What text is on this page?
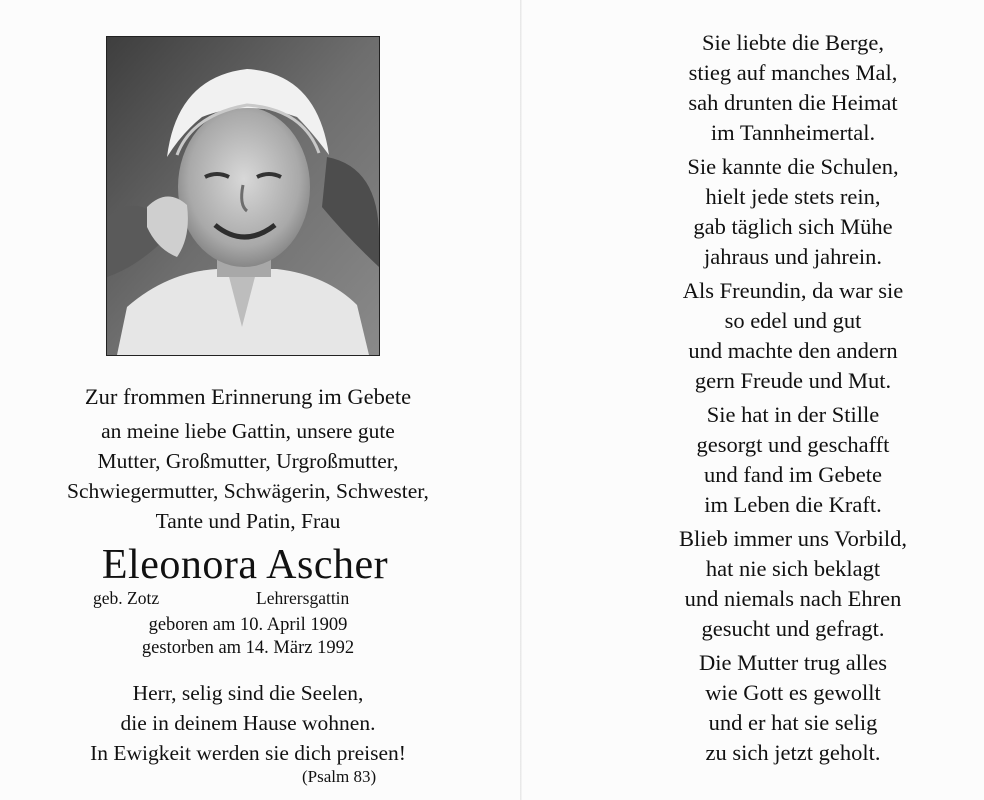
Zur frommen Erinnerung im Gebete
an meine liebe Gattin, unsere gute
Mutter, Großmutter, Urgroßmutter,
Schwiegermutter, Schwägerin, Schwester,
Tante und Patin, Frau
Eleonora Ascher
geb. Zotz	Lehrersgattin
geboren am 10. April 1909
gestorben am 14. März 1992
Herr, selig sind die Seelen,
die in deinem Hause wohnen.
In Ewigkeit werden sie dich preisen!
(Psalm 83)
Sie liebte die Berge,
stieg auf manches Mal,
sah drunten die Heimat
im Tannheimertal.
Sie kannte die Schulen,
hielt jede stets rein,
gab täglich sich Mühe
jahraus und jahrein.
Als Freundin, da war sie
so edel und gut
und machte den andern
gern Freude und Mut.
Sie hat in der Stille
gesorgt und geschafft
und fand im Gebete
im Leben die Kraft.
Blieb immer uns Vorbild,
hat nie sich beklagt
und niemals nach Ehren
gesucht und gefragt.
Die Mutter trug alles
wie Gott es gewollt
und er hat sie selig
zu sich jetzt geholt.
